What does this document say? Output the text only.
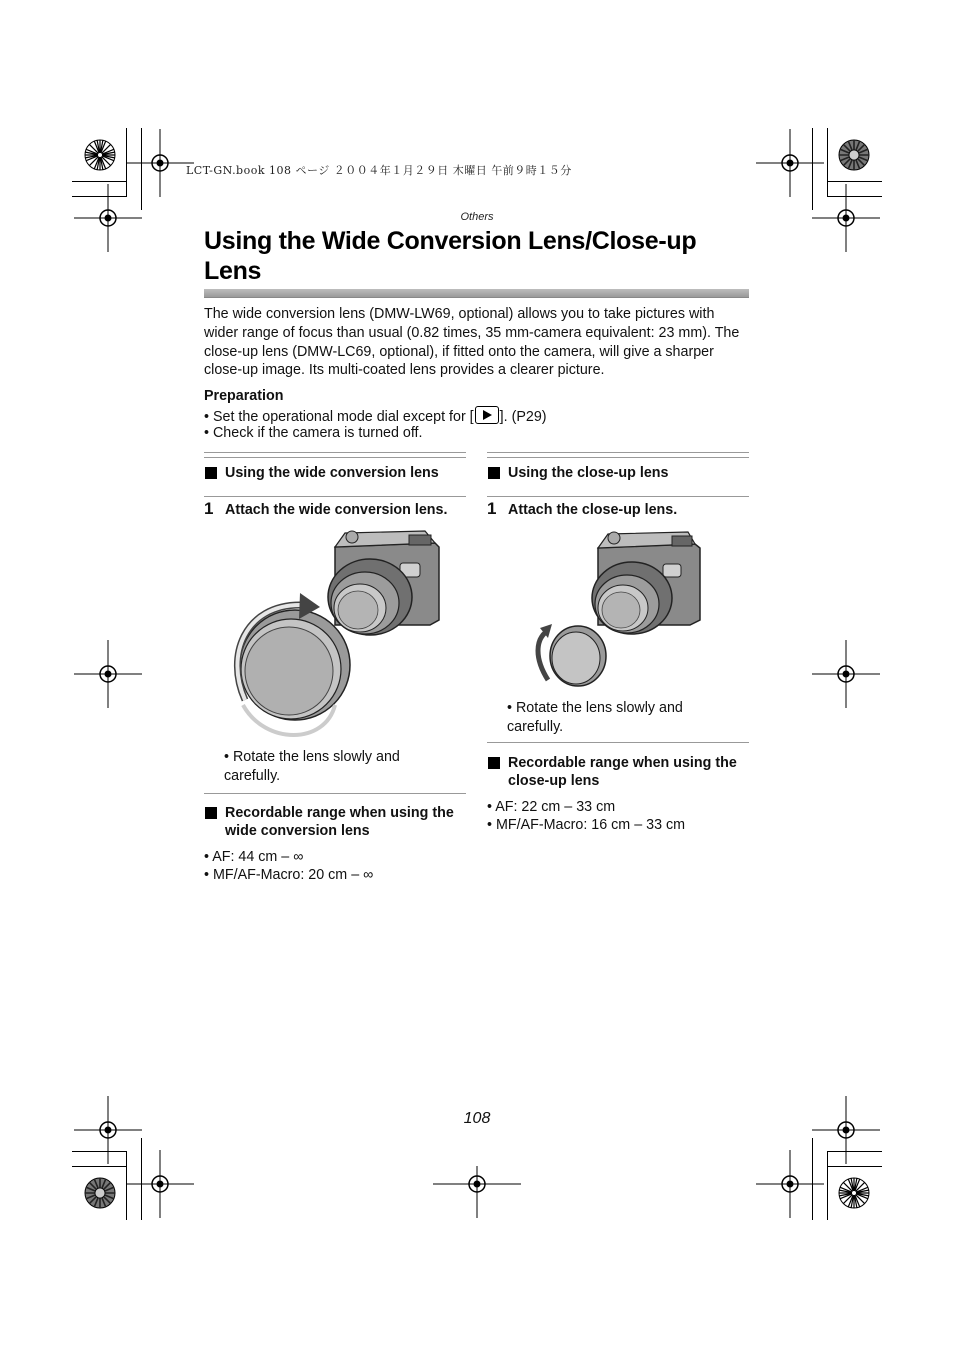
LCT-GN.book 108 ページ ２００４年１月２９日 木曜日 午前９時１５分
Others
Using the Wide Conversion Lens/Close-up Lens

The wide conversion lens (DMW-LW69, optional) allows you to take pictures with wider range of focus than usual (0.82 times, 35 mm-camera equivalent: 23 mm). The close-up lens (DMW-LC69, optional), if fitted onto the camera, will give a sharper close-up image. Its multi-coated lens provides a clearer picture.

Preparation
• Set the operational mode dial except for [ ]. (P29)
• Check if the camera is turned off.
Using the wide conversion lens
1 Attach the wide conversion lens.

• Rotate the lens slowly and carefully.

Recordable range when using the wide conversion lens

• AF: 44 cm – ∞
• MF/AF-Macro: 20 cm – ∞
Using the close-up lens
1 Attach the close-up lens.

• Rotate the lens slowly and carefully.

Recordable range when using the close-up lens

• AF: 22 cm – 33 cm
• MF/AF-Macro: 16 cm – 33 cm
108
